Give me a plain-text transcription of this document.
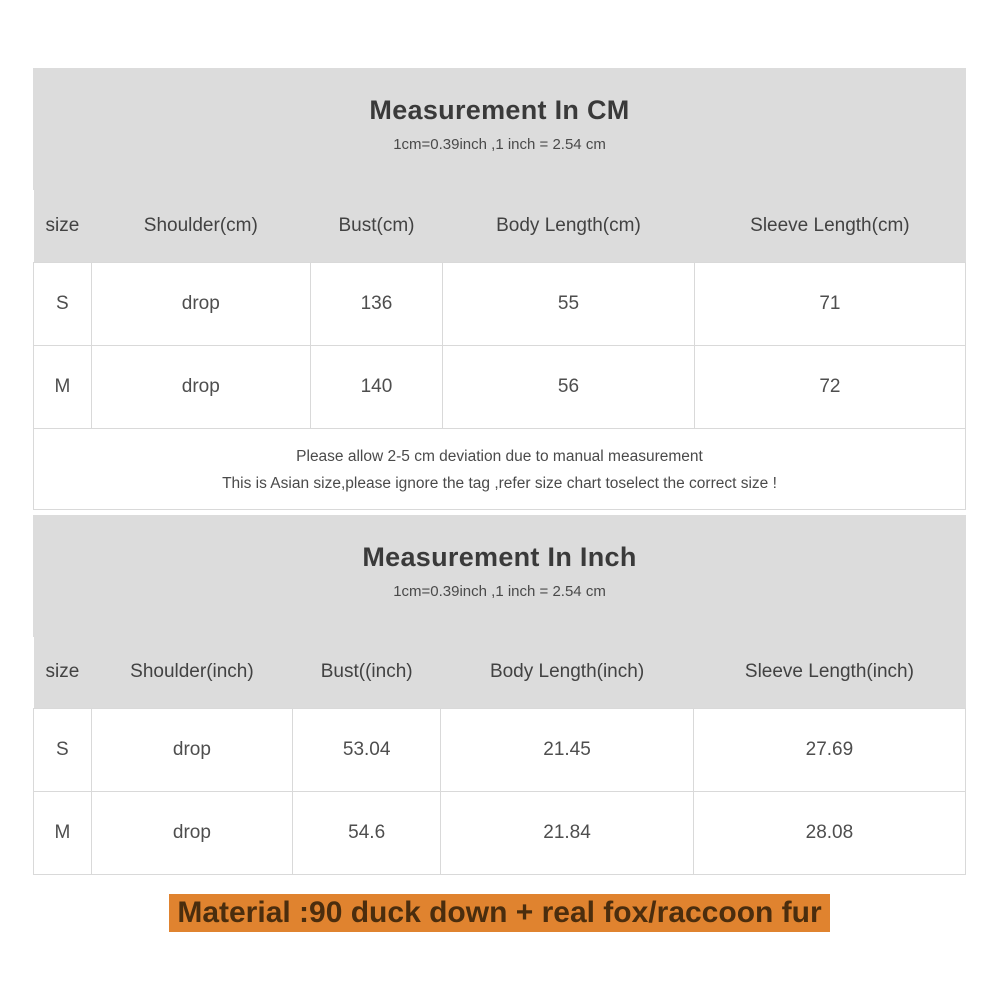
Measurement In CM
1cm=0.39inch ,1 inch = 2.54 cm
size	Shoulder(cm)	Bust(cm)	Body Length(cm)	Sleeve Length(cm)
S	drop	136	55	71
M	drop	140	56	72

Please allow 2-5 cm deviation due to manual measurement

This is Asian size,please ignore the tag ,refer size chart toselect the correct size !

Measurement In Inch
1cm=0.39inch ,1 inch = 2.54 cm
size	Shoulder(inch)	Bust((inch)	Body Length(inch)	Sleeve Length(inch)
S	drop	53.04	21.45	27.69
M	drop	54.6	21.84	28.08
Material :90 duck down + real fox/raccoon fur
